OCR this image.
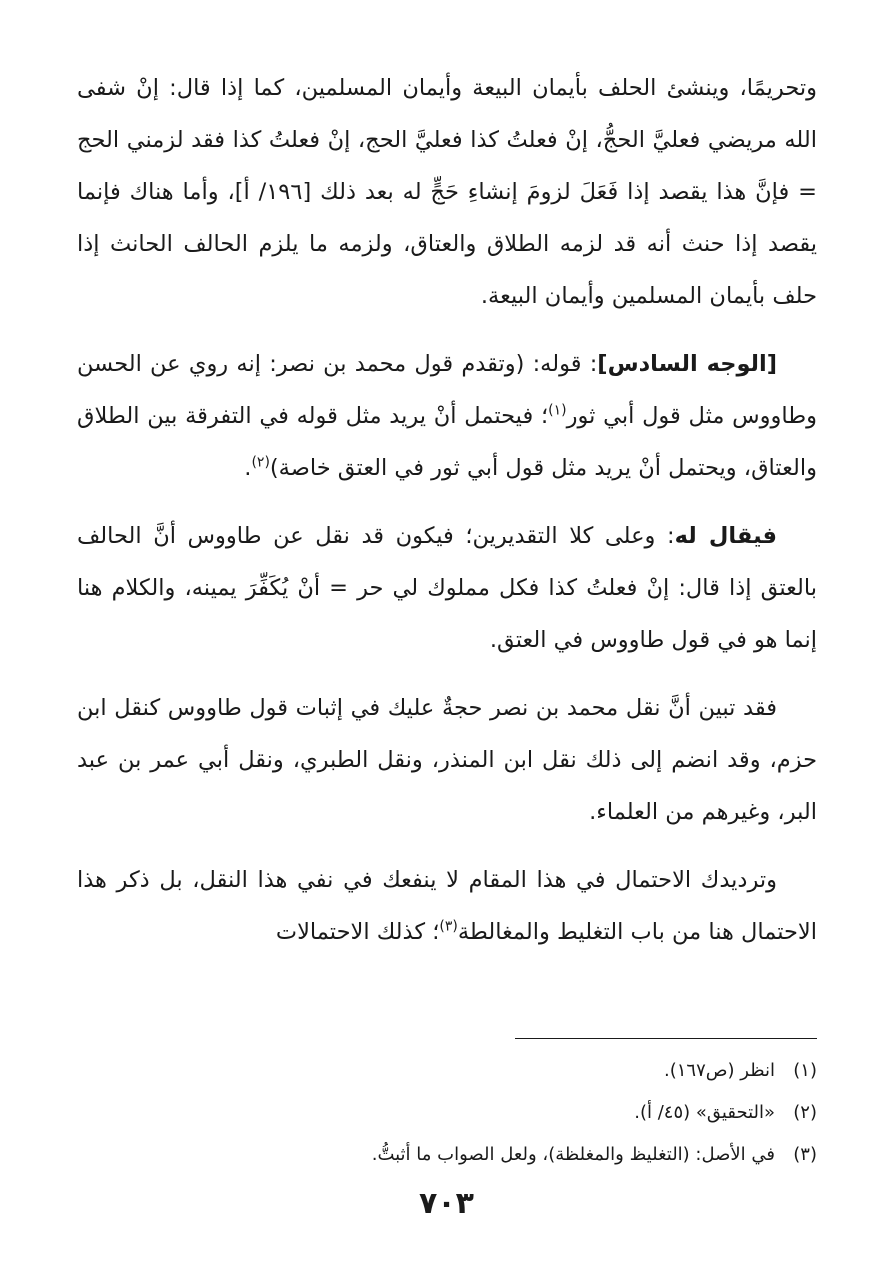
وتحريمًا، وينشئ الحلف بأيمان البيعة وأيمان المسلمين، كما إذا قال: إنْ شفى الله مريضي فعليَّ الحجُّ، إنْ فعلتُ كذا فعليَّ الحج، إنْ فعلتُ كذا فقد لزمني الحج = فإنَّ هذا يقصد إذا فَعَلَ لزومَ إنشاءِ حَجٍّ له بعد ذلك [١٩٦/ أ]، وأما هناك فإنما يقصد إذا حنث أنه قد لزمه الطلاق والعتاق، ولزمه ما يلزم الحالف الحانث إذا حلف بأيمان المسلمين وأيمان البيعة.

[الوجه السادس]: قوله: (وتقدم قول محمد بن نصر: إنه روي عن الحسن وطاووس مثل قول أبي ثور$^{(١)}$؛ فيحتمل أنْ يريد مثل قوله في التفرقة بين الطلاق والعتاق، ويحتمل أنْ يريد مثل قول أبي ثور في العتق خاصة)$^{(٢)}$.

فيقال له: وعلى كلا التقديرين؛ فيكون قد نقل عن طاووس أنَّ الحالف بالعتق إذا قال: إنْ فعلتُ كذا فكل مملوك لي حر = أنْ يُكَفِّرَ يمينه، والكلام هنا إنما هو في قول طاووس في العتق.

فقد تبين أنَّ نقل محمد بن نصر حجةٌ عليك في إثبات قول طاووس كنقل ابن حزم، وقد انضم إلى ذلك نقل ابن المنذر، ونقل الطبري، ونقل أبي عمر بن عبد البر، وغيرهم من العلماء.

وترديدك الاحتمال في هذا المقام لا ينفعك في نفي هذا النقل، بل ذكر هذا الاحتمال هنا من باب التغليط والمغالطة$^{(٣)}$؛ كذلك الاحتمالات

(١)
انظر (ص١٦٧).
(٢)
«التحقيق» (٤٥/ أ).
(٣)
في الأصل: (التغليظ والمغلظة)، ولعل الصواب ما أثبتُّ.
٧٠٣
